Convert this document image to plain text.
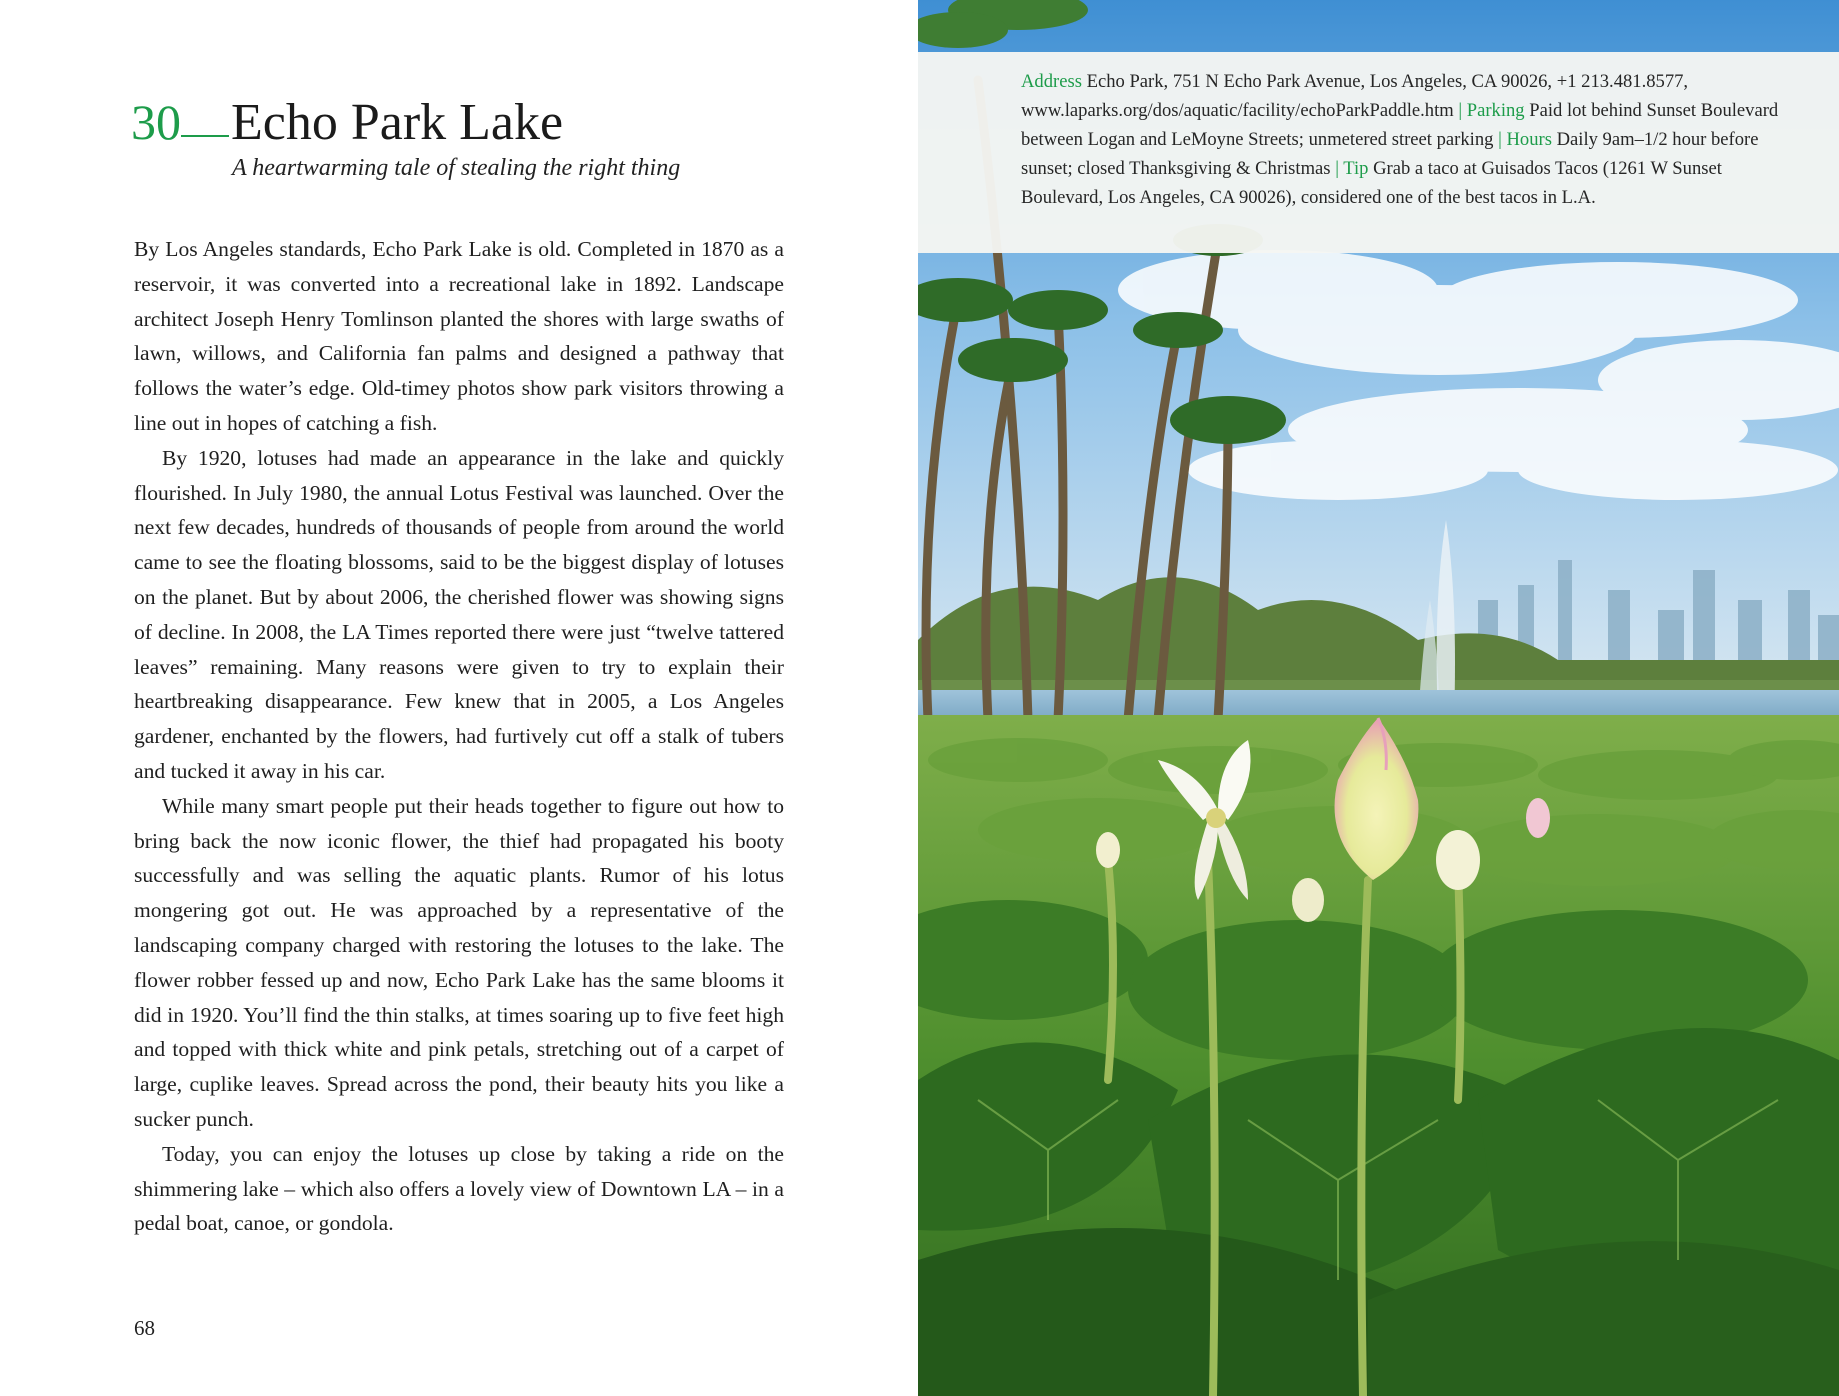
30 Echo Park Lake
A heartwarming tale of stealing the right thing

By Los Angeles standards, Echo Park Lake is old. Completed in 1870 as a reservoir, it was converted into a recreational lake in 1892. Landscape architect Joseph Henry Tomlinson planted the shores with large swaths of lawn, willows, and California fan palms and designed a pathway that follows the water’s edge. Old-timey photos show park visitors throwing a line out in hopes of catching a fish.

By 1920, lotuses had made an appearance in the lake and quickly flourished. In July 1980, the annual Lotus Festival was launched. Over the next few decades, hundreds of thousands of people from around the world came to see the floating blossoms, said to be the biggest display of lotuses on the planet. But by about 2006, the cherished flower was showing signs of decline. In 2008, the LA Times reported there were just “twelve tattered leaves” remaining. Many reasons were given to try to explain their heartbreaking disappearance. Few knew that in 2005, a Los Angeles gardener, enchanted by the flowers, had furtively cut off a stalk of tubers and tucked it away in his car.

While many smart people put their heads together to figure out how to bring back the now iconic flower, the thief had propagated his booty successfully and was selling the aquatic plants. Rumor of his lotus mongering got out. He was approached by a representative of the landscaping company charged with restoring the lotuses to the lake. The flower robber fessed up and now, Echo Park Lake has the same blooms it did in 1920. You’ll find the thin stalks, at times soaring up to five feet high and topped with thick white and pink petals, stretching out of a carpet of large, cuplike leaves. Spread across the pond, their beauty hits you like a sucker punch.

Today, you can enjoy the lotuses up close by taking a ride on the shimmering lake – which also offers a lovely view of Downtown LA – in a pedal boat, canoe, or gondola.

68
Address Echo Park, 751 N Echo Park Avenue, Los Angeles, CA 90026, +1 213.481.8577, www.laparks.org/dos/aquatic/facility/echoParkPaddle.htm | Parking Paid lot behind Sunset Boulevard between Logan and LeMoyne Streets; unmetered street parking | Hours Daily 9am–1/2 hour before sunset; closed Thanksgiving & Christmas | Tip Grab a taco at Guisados Tacos (1261 W Sunset Boulevard, Los Angeles, CA 90026), considered one of the best tacos in L.A.
